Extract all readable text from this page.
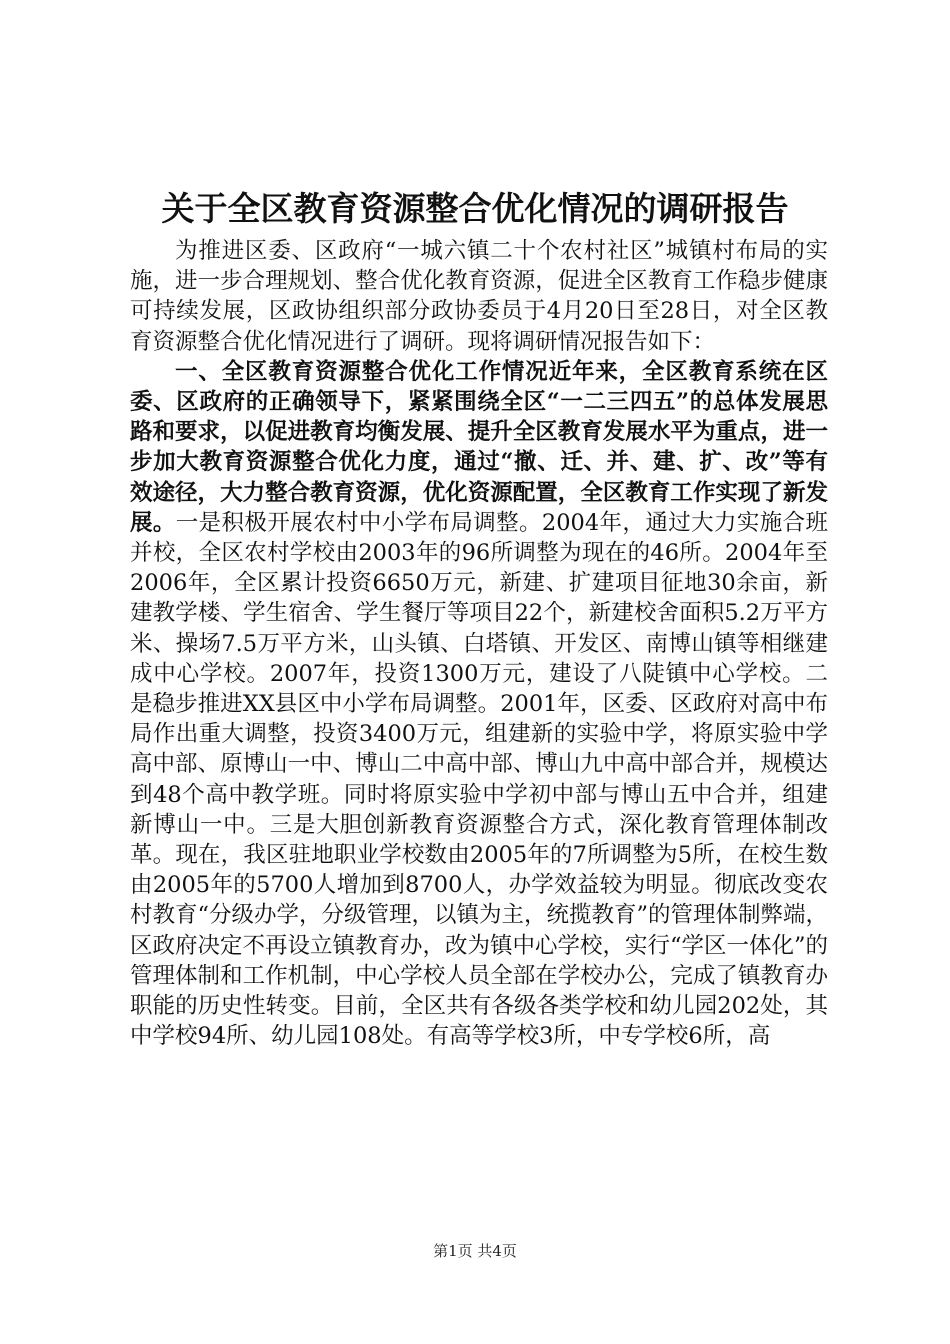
关于全区教育资源整合优化情况的调研报告

为推进区委、区政府“一城六镇二十个农村社区”城镇村布局的实施，进一步合理规划、整合优化教育资源，促进全区教育工作稳步健康可持续发展，区政协组织部分政协委员于4月20日至28日，对全区教育资源整合优化情况进行了调研。现将调研情况报告如下：

一、全区教育资源整合优化工作情况近年来，全区教育系统在区委、区政府的正确领导下，紧紧围绕全区“一二三四五”的总体发展思路和要求，以促进教育均衡发展、提升全区教育发展水平为重点，进一步加大教育资源整合优化力度，通过“撤、迁、并、建、扩、改”等有效途径，大力整合教育资源，优化资源配置，全区教育工作实现了新发展。一是积极开展农村中小学布局调整。2004年，通过大力实施合班并校，全区农村学校由2003年的96所调整为现在的46所。2004年至2006年，全区累计投资6650万元，新建、扩建项目征地30余亩，新建教学楼、学生宿舍、学生餐厅等项目22个，新建校舍面积5.2万平方米、操场7.5万平方米，山头镇、白塔镇、开发区、南博山镇等相继建成中心学校。2007年，投资1300万元，建设了八陡镇中心学校。二是稳步推进XX县区中小学布局调整。2001年，区委、区政府对高中布局作出重大调整，投资3400万元，组建新的实验中学，将原实验中学高中部、原博山一中、博山二中高中部、博山九中高中部合并，规模达到48个高中教学班。同时将原实验中学初中部与博山五中合并，组建新博山一中。三是大胆创新教育资源整合方式，深化教育管理体制改革。现在，我区驻地职业学校数由2005年的7所调整为5所，在校生数由2005年的5700人增加到8700人，办学效益较为明显。彻底改变农村教育“分级办学，分级管理，以镇为主，统揽教育”的管理体制弊端，区政府决定不再设立镇教育办，改为镇中心学校，实行“学区一体化”的管理体制和工作机制，中心学校人员全部在学校办公，完成了镇教育办职能的历史性转变。目前，全区共有各级各类学校和幼儿园202处，其中学校94所、幼儿园108处。有高等学校3所，中专学校6所，高

第1页 共4页
